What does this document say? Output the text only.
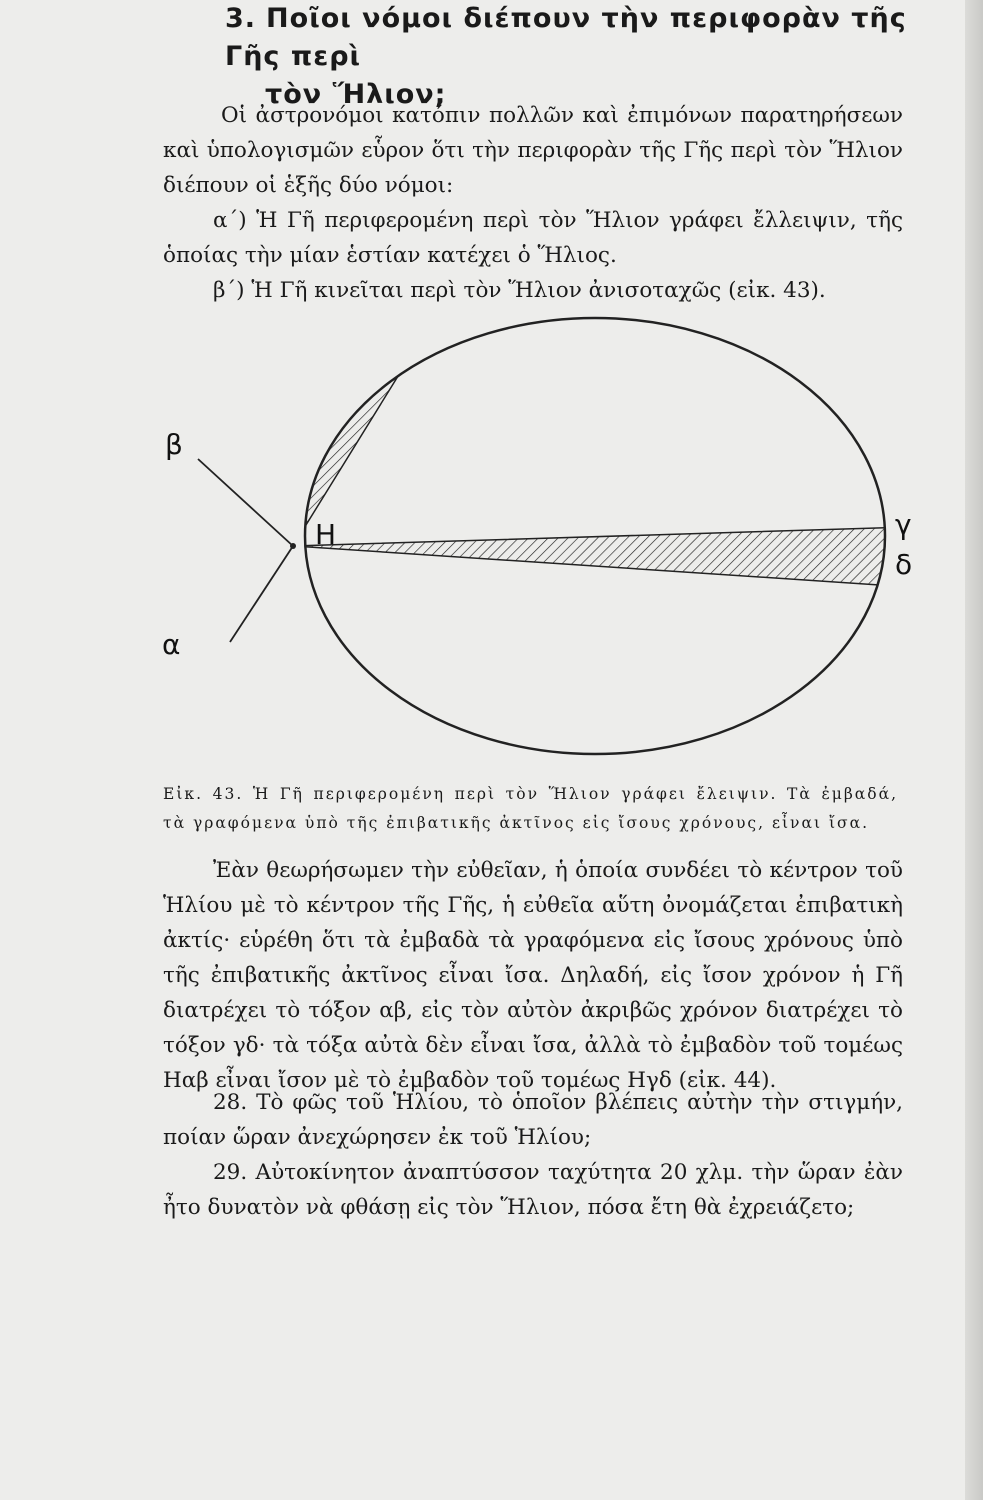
3. Ποῖοι νόμοι διέπουν τὴν περιφορὰν τῆς Γῆς περὶ
τὸν Ἥλιον;

Οἱ ἀστρονόμοι κατόπιν πολλῶν καὶ ἐπιμόνων παρατηρήσεων καὶ ὑπολογισμῶν εὗρον ὅτι τὴν περιφορὰν τῆς Γῆς περὶ τὸν Ἥλιον διέπουν οἱ ἑξῆς δύο νόμοι:

α΄) Ἡ Γῆ περιφερομένη περὶ τὸν Ἥλιον γράφει ἔλλειψιν, τῆς ὁποίας τὴν μίαν ἑστίαν κατέχει ὁ Ἥλιος.

β΄) Ἡ Γῆ κινεῖται περὶ τὸν Ἥλιον ἀνισοταχῶς (εἰκ. 43).

β
α
Η	γ
δ
Εἰκ. 43. Ἡ Γῆ περιφερομένη περὶ τὸν Ἥλιον γράφει ἔλειψιν. Τὰ ἐμβαδά, τὰ γραφόμενα ὑπὸ τῆς ἐπιβατικῆς ἀκτῖνος εἰς ἴσους χρόνους, εἶναι ἴσα.

Ἐὰν θεωρήσωμεν τὴν εὐθεῖαν, ἡ ὁποία συνδέει τὸ κέντρον τοῦ Ἡλίου μὲ τὸ κέντρον τῆς Γῆς, ἡ εὐθεῖα αὕτη ὀνομάζεται ἐπιβατικὴ ἀκτίς· εὑρέθη ὅτι τὰ ἐμβαδὰ τὰ γραφόμενα εἰς ἴσους χρόνους ὑπὸ τῆς ἐπιβατικῆς ἀκτῖνος εἶναι ἴσα. Δηλαδή, εἰς ἴσον χρόνον ἡ Γῆ διατρέχει τὸ τόξον αβ, εἰς τὸν αὐτὸν ἀκριβῶς χρόνον διατρέχει τὸ τόξον γδ· τὰ τόξα αὐτὰ δὲν εἶναι ἴσα, ἀλλὰ τὸ ἐμβαδὸν τοῦ τομέως Ηαβ εἶναι ἴσον μὲ τὸ ἐμβαδὸν τοῦ τομέως Ηγδ (εἰκ. 44).

28. Τὸ φῶς τοῦ Ἡλίου, τὸ ὁποῖον βλέπεις αὐτὴν τὴν στιγμήν, ποίαν ὥραν ἀνεχώρησεν ἐκ τοῦ Ἡλίου;

29. Αὐτοκίνητον ἀναπτύσσον ταχύτητα 20 χλμ. τὴν ὥραν ἐὰν ἦτο δυνατὸν νὰ φθάσῃ εἰς τὸν Ἥλιον, πόσα ἔτη θὰ ἐχρειάζετο;
